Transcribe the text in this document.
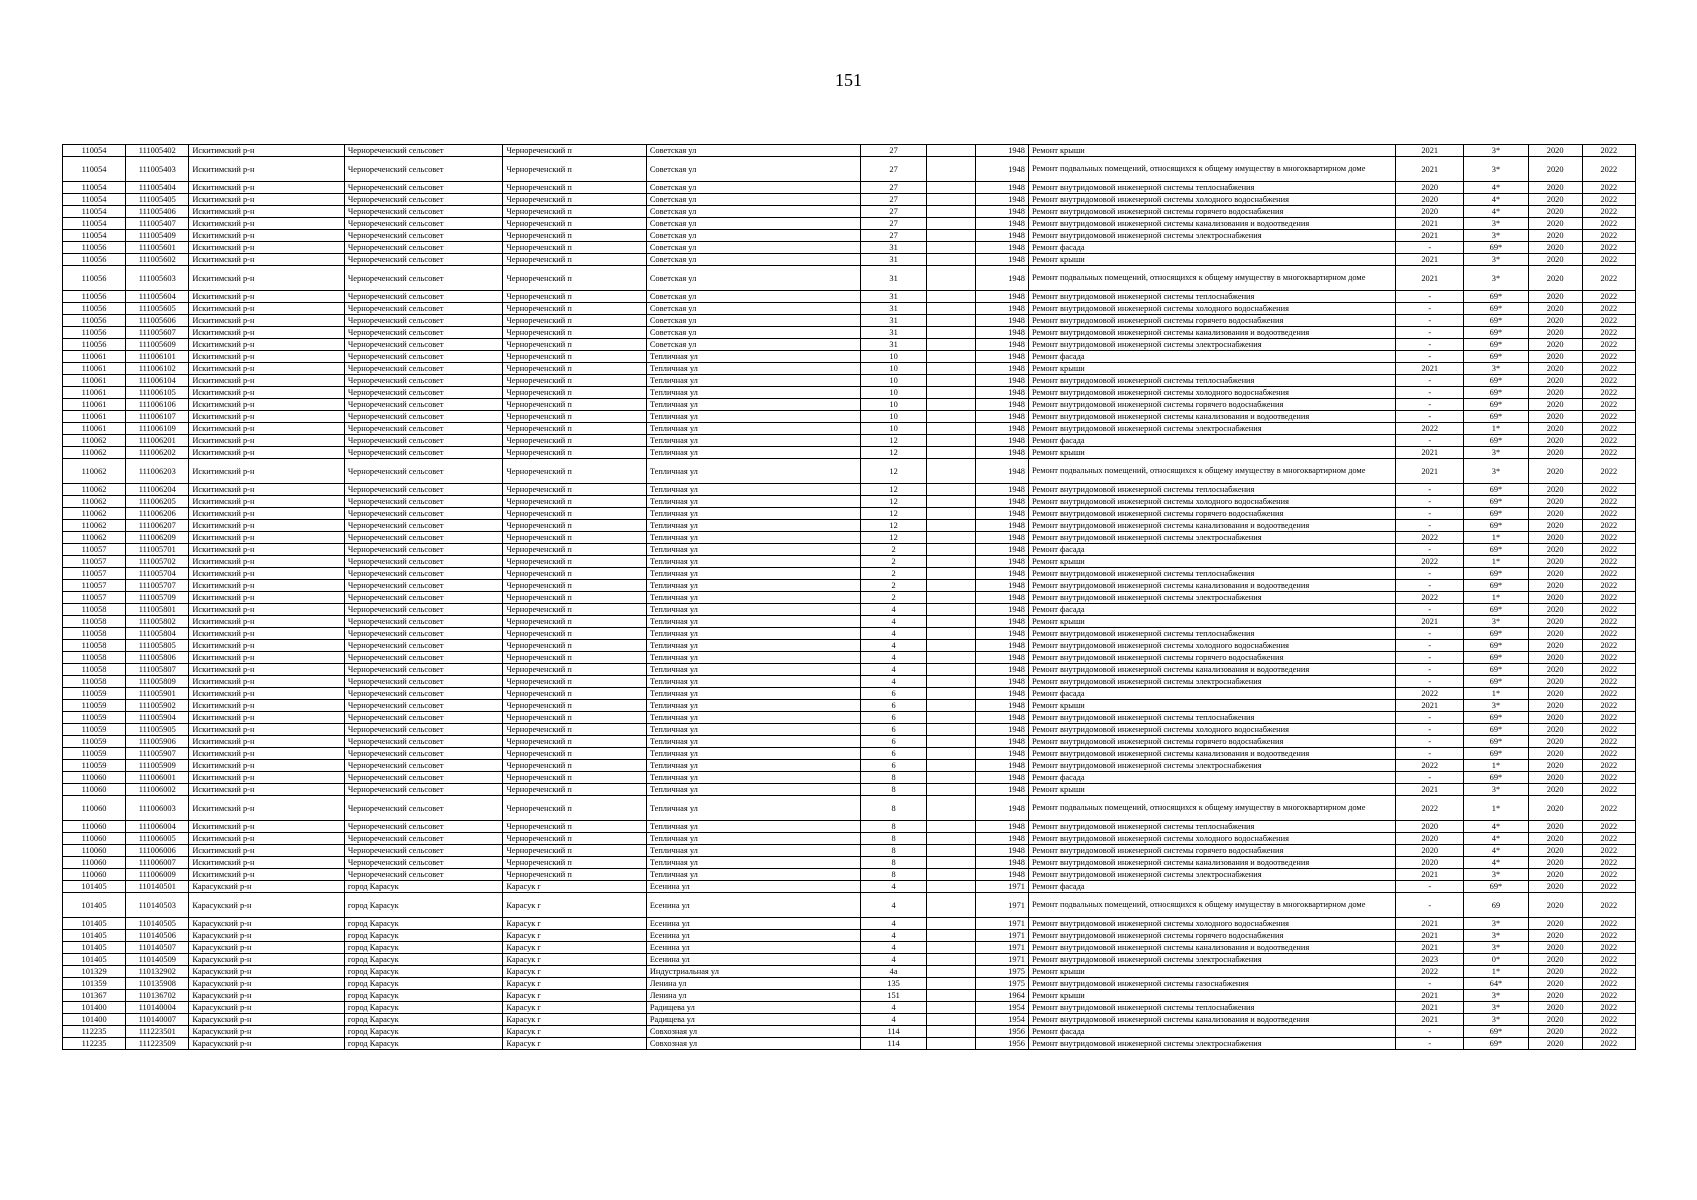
151
110054	111005402	Искитимский р-н	Чернореченский сельсовет	Чернореченский п	Советская ул	27		1948	Ремонт крыши	2021	3*	2020	2022
110054	111005403	Искитимский р-н	Чернореченский сельсовет	Чернореченский п	Советская ул	27		1948	Ремонт подвальных помещений, относящихся к общему имуществу в многоквартирном доме	2021	3*	2020	2022
110054	111005404	Искитимский р-н	Чернореченский сельсовет	Чернореченский п	Советская ул	27		1948	Ремонт внутридомовой инженерной системы теплоснабжения	2020	4*	2020	2022
110054	111005405	Искитимский р-н	Чернореченский сельсовет	Чернореченский п	Советская ул	27		1948	Ремонт внутридомовой инженерной системы холодного водоснабжения	2020	4*	2020	2022
110054	111005406	Искитимский р-н	Чернореченский сельсовет	Чернореченский п	Советская ул	27		1948	Ремонт внутридомовой инженерной системы горячего водоснабжения	2020	4*	2020	2022
110054	111005407	Искитимский р-н	Чернореченский сельсовет	Чернореченский п	Советская ул	27		1948	Ремонт внутридомовой инженерной системы канализования и водоотведения	2021	3*	2020	2022
110054	111005409	Искитимский р-н	Чернореченский сельсовет	Чернореченский п	Советская ул	27		1948	Ремонт внутридомовой инженерной системы электроснабжения	2021	3*	2020	2022
110056	111005601	Искитимский р-н	Чернореченский сельсовет	Чернореченский п	Советская ул	31		1948	Ремонт фасада	-	69*	2020	2022
110056	111005602	Искитимский р-н	Чернореченский сельсовет	Чернореченский п	Советская ул	31		1948	Ремонт крыши	2021	3*	2020	2022
110056	111005603	Искитимский р-н	Чернореченский сельсовет	Чернореченский п	Советская ул	31		1948	Ремонт подвальных помещений, относящихся к общему имуществу в многоквартирном доме	2021	3*	2020	2022
110056	111005604	Искитимский р-н	Чернореченский сельсовет	Чернореченский п	Советская ул	31		1948	Ремонт внутридомовой инженерной системы теплоснабжения	-	69*	2020	2022
110056	111005605	Искитимский р-н	Чернореченский сельсовет	Чернореченский п	Советская ул	31		1948	Ремонт внутридомовой инженерной системы холодного водоснабжения	-	69*	2020	2022
110056	111005606	Искитимский р-н	Чернореченский сельсовет	Чернореченский п	Советская ул	31		1948	Ремонт внутридомовой инженерной системы горячего водоснабжения	-	69*	2020	2022
110056	111005607	Искитимский р-н	Чернореченский сельсовет	Чернореченский п	Советская ул	31		1948	Ремонт внутридомовой инженерной системы канализования и водоотведения	-	69*	2020	2022
110056	111005609	Искитимский р-н	Чернореченский сельсовет	Чернореченский п	Советская ул	31		1948	Ремонт внутридомовой инженерной системы электроснабжения	-	69*	2020	2022
110061	111006101	Искитимский р-н	Чернореченский сельсовет	Чернореченский п	Тепличная ул	10		1948	Ремонт фасада	-	69*	2020	2022
110061	111006102	Искитимский р-н	Чернореченский сельсовет	Чернореченский п	Тепличная ул	10		1948	Ремонт крыши	2021	3*	2020	2022
110061	111006104	Искитимский р-н	Чернореченский сельсовет	Чернореченский п	Тепличная ул	10		1948	Ремонт внутридомовой инженерной системы теплоснабжения	-	69*	2020	2022
110061	111006105	Искитимский р-н	Чернореченский сельсовет	Чернореченский п	Тепличная ул	10		1948	Ремонт внутридомовой инженерной системы холодного водоснабжения	-	69*	2020	2022
110061	111006106	Искитимский р-н	Чернореченский сельсовет	Чернореченский п	Тепличная ул	10		1948	Ремонт внутридомовой инженерной системы горячего водоснабжения	-	69*	2020	2022
110061	111006107	Искитимский р-н	Чернореченский сельсовет	Чернореченский п	Тепличная ул	10		1948	Ремонт внутридомовой инженерной системы канализования и водоотведения	-	69*	2020	2022
110061	111006109	Искитимский р-н	Чернореченский сельсовет	Чернореченский п	Тепличная ул	10		1948	Ремонт внутридомовой инженерной системы электроснабжения	2022	1*	2020	2022
110062	111006201	Искитимский р-н	Чернореченский сельсовет	Чернореченский п	Тепличная ул	12		1948	Ремонт фасада	-	69*	2020	2022
110062	111006202	Искитимский р-н	Чернореченский сельсовет	Чернореченский п	Тепличная ул	12		1948	Ремонт крыши	2021	3*	2020	2022
110062	111006203	Искитимский р-н	Чернореченский сельсовет	Чернореченский п	Тепличная ул	12		1948	Ремонт подвальных помещений, относящихся к общему имуществу в многоквартирном доме	2021	3*	2020	2022
110062	111006204	Искитимский р-н	Чернореченский сельсовет	Чернореченский п	Тепличная ул	12		1948	Ремонт внутридомовой инженерной системы теплоснабжения	-	69*	2020	2022
110062	111006205	Искитимский р-н	Чернореченский сельсовет	Чернореченский п	Тепличная ул	12		1948	Ремонт внутридомовой инженерной системы холодного водоснабжения	-	69*	2020	2022
110062	111006206	Искитимский р-н	Чернореченский сельсовет	Чернореченский п	Тепличная ул	12		1948	Ремонт внутридомовой инженерной системы горячего водоснабжения	-	69*	2020	2022
110062	111006207	Искитимский р-н	Чернореченский сельсовет	Чернореченский п	Тепличная ул	12		1948	Ремонт внутридомовой инженерной системы канализования и водоотведения	-	69*	2020	2022
110062	111006209	Искитимский р-н	Чернореченский сельсовет	Чернореченский п	Тепличная ул	12		1948	Ремонт внутридомовой инженерной системы электроснабжения	2022	1*	2020	2022
110057	111005701	Искитимский р-н	Чернореченский сельсовет	Чернореченский п	Тепличная ул	2		1948	Ремонт фасада	-	69*	2020	2022
110057	111005702	Искитимский р-н	Чернореченский сельсовет	Чернореченский п	Тепличная ул	2		1948	Ремонт крыши	2022	1*	2020	2022
110057	111005704	Искитимский р-н	Чернореченский сельсовет	Чернореченский п	Тепличная ул	2		1948	Ремонт внутридомовой инженерной системы теплоснабжения	-	69*	2020	2022
110057	111005707	Искитимский р-н	Чернореченский сельсовет	Чернореченский п	Тепличная ул	2		1948	Ремонт внутридомовой инженерной системы канализования и водоотведения	-	69*	2020	2022
110057	111005709	Искитимский р-н	Чернореченский сельсовет	Чернореченский п	Тепличная ул	2		1948	Ремонт внутридомовой инженерной системы электроснабжения	2022	1*	2020	2022
110058	111005801	Искитимский р-н	Чернореченский сельсовет	Чернореченский п	Тепличная ул	4		1948	Ремонт фасада	-	69*	2020	2022
110058	111005802	Искитимский р-н	Чернореченский сельсовет	Чернореченский п	Тепличная ул	4		1948	Ремонт крыши	2021	3*	2020	2022
110058	111005804	Искитимский р-н	Чернореченский сельсовет	Чернореченский п	Тепличная ул	4		1948	Ремонт внутридомовой инженерной системы теплоснабжения	-	69*	2020	2022
110058	111005805	Искитимский р-н	Чернореченский сельсовет	Чернореченский п	Тепличная ул	4		1948	Ремонт внутридомовой инженерной системы холодного водоснабжения	-	69*	2020	2022
110058	111005806	Искитимский р-н	Чернореченский сельсовет	Чернореченский п	Тепличная ул	4		1948	Ремонт внутридомовой инженерной системы горячего водоснабжения	-	69*	2020	2022
110058	111005807	Искитимский р-н	Чернореченский сельсовет	Чернореченский п	Тепличная ул	4		1948	Ремонт внутридомовой инженерной системы канализования и водоотведения	-	69*	2020	2022
110058	111005809	Искитимский р-н	Чернореченский сельсовет	Чернореченский п	Тепличная ул	4		1948	Ремонт внутридомовой инженерной системы электроснабжения	-	69*	2020	2022
110059	111005901	Искитимский р-н	Чернореченский сельсовет	Чернореченский п	Тепличная ул	6		1948	Ремонт фасада	2022	1*	2020	2022
110059	111005902	Искитимский р-н	Чернореченский сельсовет	Чернореченский п	Тепличная ул	6		1948	Ремонт крыши	2021	3*	2020	2022
110059	111005904	Искитимский р-н	Чернореченский сельсовет	Чернореченский п	Тепличная ул	6		1948	Ремонт внутридомовой инженерной системы теплоснабжения	-	69*	2020	2022
110059	111005905	Искитимский р-н	Чернореченский сельсовет	Чернореченский п	Тепличная ул	6		1948	Ремонт внутридомовой инженерной системы холодного водоснабжения	-	69*	2020	2022
110059	111005906	Искитимский р-н	Чернореченский сельсовет	Чернореченский п	Тепличная ул	6		1948	Ремонт внутридомовой инженерной системы горячего водоснабжения	-	69*	2020	2022
110059	111005907	Искитимский р-н	Чернореченский сельсовет	Чернореченский п	Тепличная ул	6		1948	Ремонт внутридомовой инженерной системы канализования и водоотведения	-	69*	2020	2022
110059	111005909	Искитимский р-н	Чернореченский сельсовет	Чернореченский п	Тепличная ул	6		1948	Ремонт внутридомовой инженерной системы электроснабжения	2022	1*	2020	2022
110060	111006001	Искитимский р-н	Чернореченский сельсовет	Чернореченский п	Тепличная ул	8		1948	Ремонт фасада	-	69*	2020	2022
110060	111006002	Искитимский р-н	Чернореченский сельсовет	Чернореченский п	Тепличная ул	8		1948	Ремонт крыши	2021	3*	2020	2022
110060	111006003	Искитимский р-н	Чернореченский сельсовет	Чернореченский п	Тепличная ул	8		1948	Ремонт подвальных помещений, относящихся к общему имуществу в многоквартирном доме	2022	1*	2020	2022
110060	111006004	Искитимский р-н	Чернореченский сельсовет	Чернореченский п	Тепличная ул	8		1948	Ремонт внутридомовой инженерной системы теплоснабжения	2020	4*	2020	2022
110060	111006005	Искитимский р-н	Чернореченский сельсовет	Чернореченский п	Тепличная ул	8		1948	Ремонт внутридомовой инженерной системы холодного водоснабжения	2020	4*	2020	2022
110060	111006006	Искитимский р-н	Чернореченский сельсовет	Чернореченский п	Тепличная ул	8		1948	Ремонт внутридомовой инженерной системы горячего водоснабжения	2020	4*	2020	2022
110060	111006007	Искитимский р-н	Чернореченский сельсовет	Чернореченский п	Тепличная ул	8		1948	Ремонт внутридомовой инженерной системы канализования и водоотведения	2020	4*	2020	2022
110060	111006009	Искитимский р-н	Чернореченский сельсовет	Чернореченский п	Тепличная ул	8		1948	Ремонт внутридомовой инженерной системы электроснабжения	2021	3*	2020	2022
101405	110140501	Карасукский р-н	город Карасук	Карасук г	Есенина ул	4		1971	Ремонт фасада	-	69*	2020	2022
101405	110140503	Карасукский р-н	город Карасук	Карасук г	Есенина ул	4		1971	Ремонт подвальных помещений, относящихся к общему имуществу в многоквартирном доме	-	69	2020	2022
101405	110140505	Карасукский р-н	город Карасук	Карасук г	Есенина ул	4		1971	Ремонт внутридомовой инженерной системы холодного водоснабжения	2021	3*	2020	2022
101405	110140506	Карасукский р-н	город Карасук	Карасук г	Есенина ул	4		1971	Ремонт внутридомовой инженерной системы горячего водоснабжения	2021	3*	2020	2022
101405	110140507	Карасукский р-н	город Карасук	Карасук г	Есенина ул	4		1971	Ремонт внутридомовой инженерной системы канализования и водоотведения	2021	3*	2020	2022
101405	110140509	Карасукский р-н	город Карасук	Карасук г	Есенина ул	4		1971	Ремонт внутридомовой инженерной системы электроснабжения	2023	0*	2020	2022
101329	110132902	Карасукский р-н	город Карасук	Карасук г	Индустриальная ул	4а		1975	Ремонт крыши	2022	1*	2020	2022
101359	110135908	Карасукский р-н	город Карасук	Карасук г	Ленина ул	135		1975	Ремонт внутридомовой инженерной системы газоснабжения	-	64*	2020	2022
101367	110136702	Карасукский р-н	город Карасук	Карасук г	Ленина ул	151		1964	Ремонт крыши	2021	3*	2020	2022
101400	110140004	Карасукский р-н	город Карасук	Карасук г	Радищева ул	4		1954	Ремонт внутридомовой инженерной системы теплоснабжения	2021	3*	2020	2022
101400	110140007	Карасукский р-н	город Карасук	Карасук г	Радищева ул	4		1954	Ремонт внутридомовой инженерной системы канализования и водоотведения	2021	3*	2020	2022
112235	111223501	Карасукский р-н	город Карасук	Карасук г	Совхозная ул	114		1956	Ремонт фасада	-	69*	2020	2022
112235	111223509	Карасукский р-н	город Карасук	Карасук г	Совхозная ул	114		1956	Ремонт внутридомовой инженерной системы электроснабжения	-	69*	2020	2022
